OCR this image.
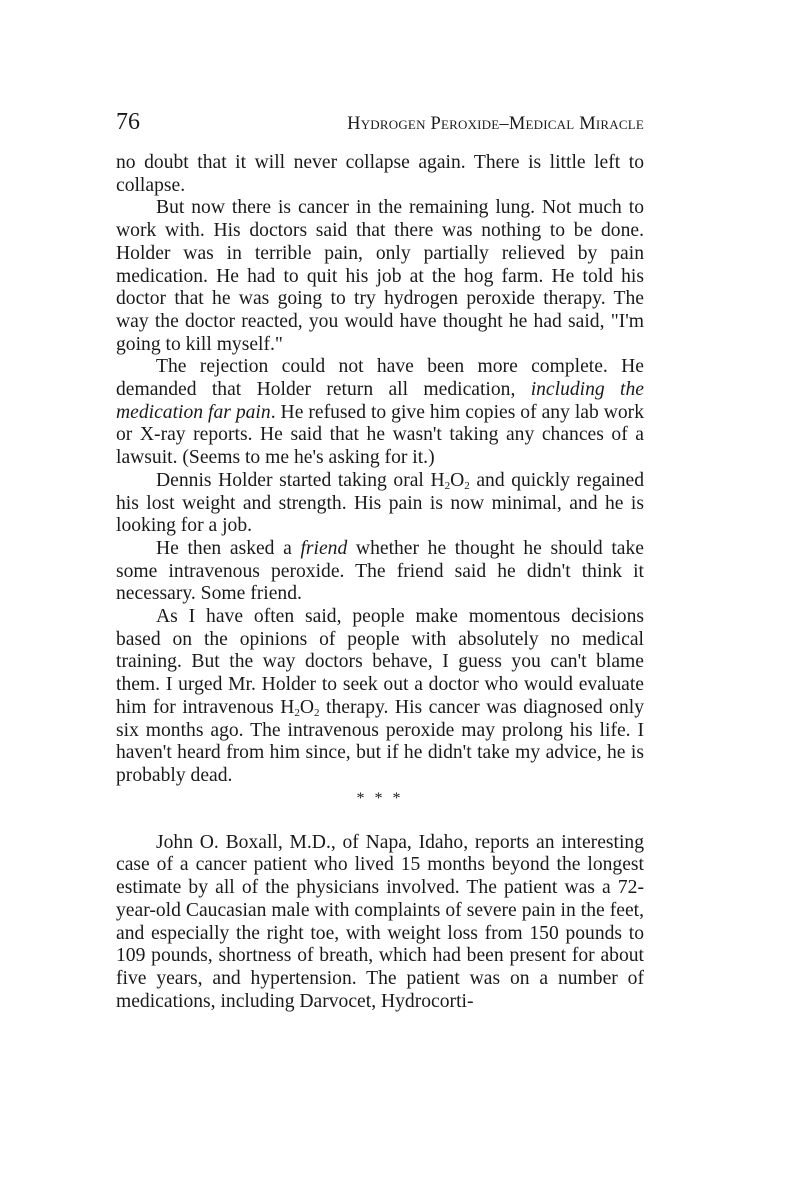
76	Hydrogen Peroxide–Medical Miracle

no doubt that it will never collapse again. There is little left to collapse.

But now there is cancer in the remaining lung. Not much to work with. His doctors said that there was nothing to be done. Holder was in terrible pain, only partially relieved by pain medication. He had to quit his job at the hog farm. He told his doctor that he was going to try hydrogen peroxide therapy. The way the doctor reacted, you would have thought he had said, "I'm going to kill myself."

The rejection could not have been more complete. He demanded that Holder return all medication, including the medication far pain. He refused to give him copies of any lab work or X-ray reports. He said that he wasn't taking any chances of a lawsuit. (Seems to me he's asking for it.)

Dennis Holder started taking oral $H_2O_2$ and quickly regained his lost weight and strength. His pain is now minimal, and he is looking for a job.

He then asked a friend whether he thought he should take some intravenous peroxide. The friend said he didn't think it necessary. Some friend.

As I have often said, people make momentous decisions based on the opinions of people with absolutely no medical training. But the way doctors behave, I guess you can't blame them. I urged Mr. Holder to seek out a doctor who would evaluate him for intravenous $H_2O_2$ therapy. His cancer was diagnosed only six months ago. The intravenous peroxide may prolong his life. I haven't heard from him since, but if he didn't take my advice, he is probably dead.

* * *

John O. Boxall, M.D., of Napa, Idaho, reports an interesting case of a cancer patient who lived 15 months beyond the longest estimate by all of the physicians involved. The patient was a 72-year-old Caucasian male with complaints of severe pain in the feet, and especially the right toe, with weight loss from 150 pounds to 109 pounds, shortness of breath, which had been present for about five years, and hypertension. The patient was on a number of medications, including Darvocet, Hydrocorti-
